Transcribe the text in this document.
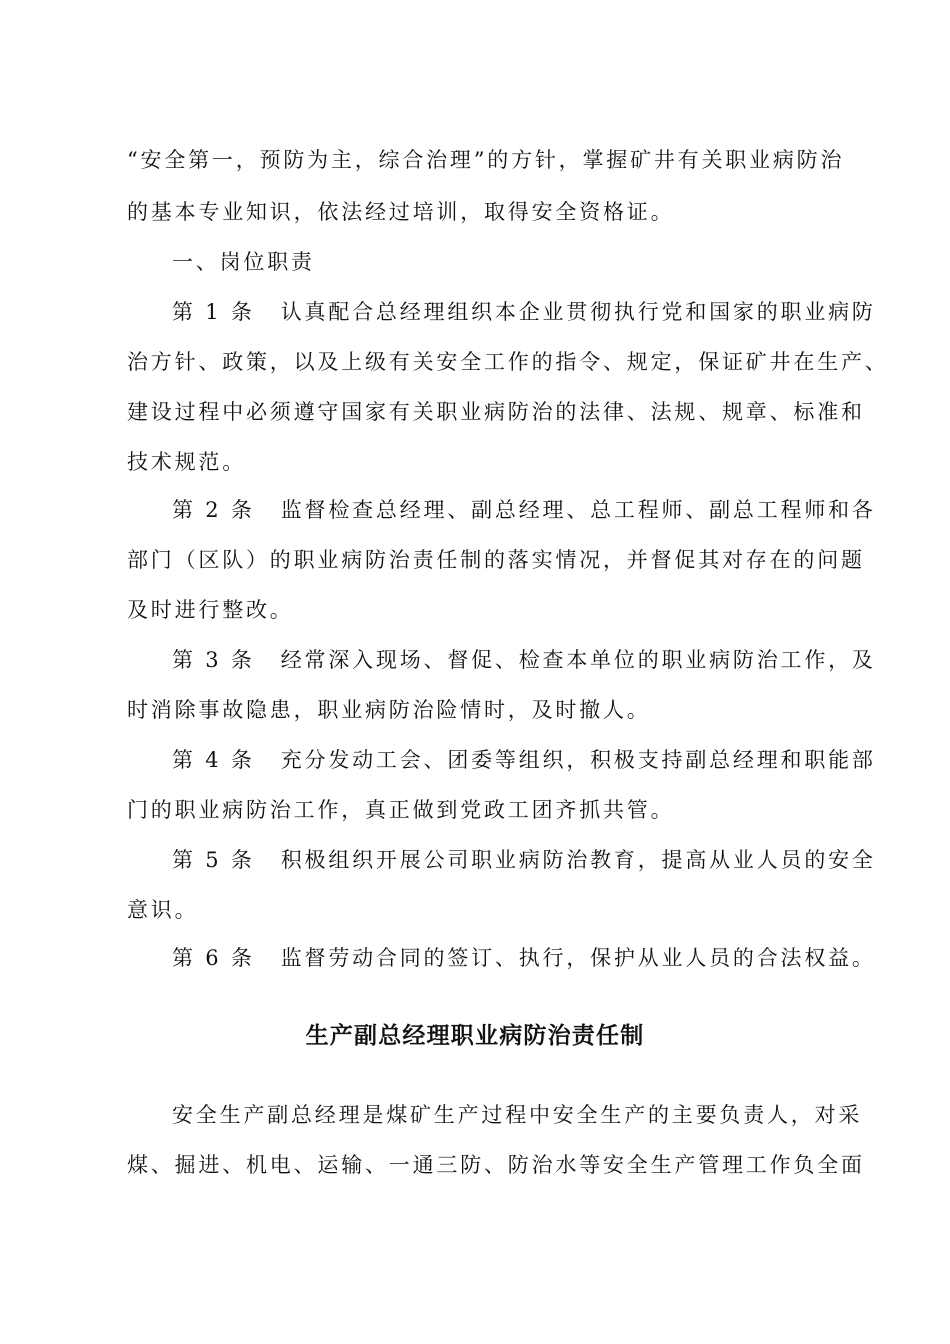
“安全第一，预防为主，综合治理”的方针，掌握矿井有关职业病防治
的基本专业知识，依法经过培训，取得安全资格证。
一、岗位职责
第 1 条 认真配合总经理组织本企业贯彻执行党和国家的职业病防
治方针、政策，以及上级有关安全工作的指令、规定，保证矿井在生产、
建设过程中必须遵守国家有关职业病防治的法律、法规、规章、标准和
技术规范。
第 2 条 监督检查总经理、副总经理、总工程师、副总工程师和各
部门（区队）的职业病防治责任制的落实情况，并督促其对存在的问题
及时进行整改。
第 3 条 经常深入现场、督促、检查本单位的职业病防治工作，及
时消除事故隐患，职业病防治险情时，及时撤人。
第 4 条 充分发动工会、团委等组织，积极支持副总经理和职能部
门的职业病防治工作，真正做到党政工团齐抓共管。
第 5 条 积极组织开展公司职业病防治教育，提高从业人员的安全
意识。
第 6 条 监督劳动合同的签订、执行，保护从业人员的合法权益。
生产副总经理职业病防治责任制
安全生产副总经理是煤矿生产过程中安全生产的主要负责人，对采
煤、掘进、机电、运输、一通三防、防治水等安全生产管理工作负全面
